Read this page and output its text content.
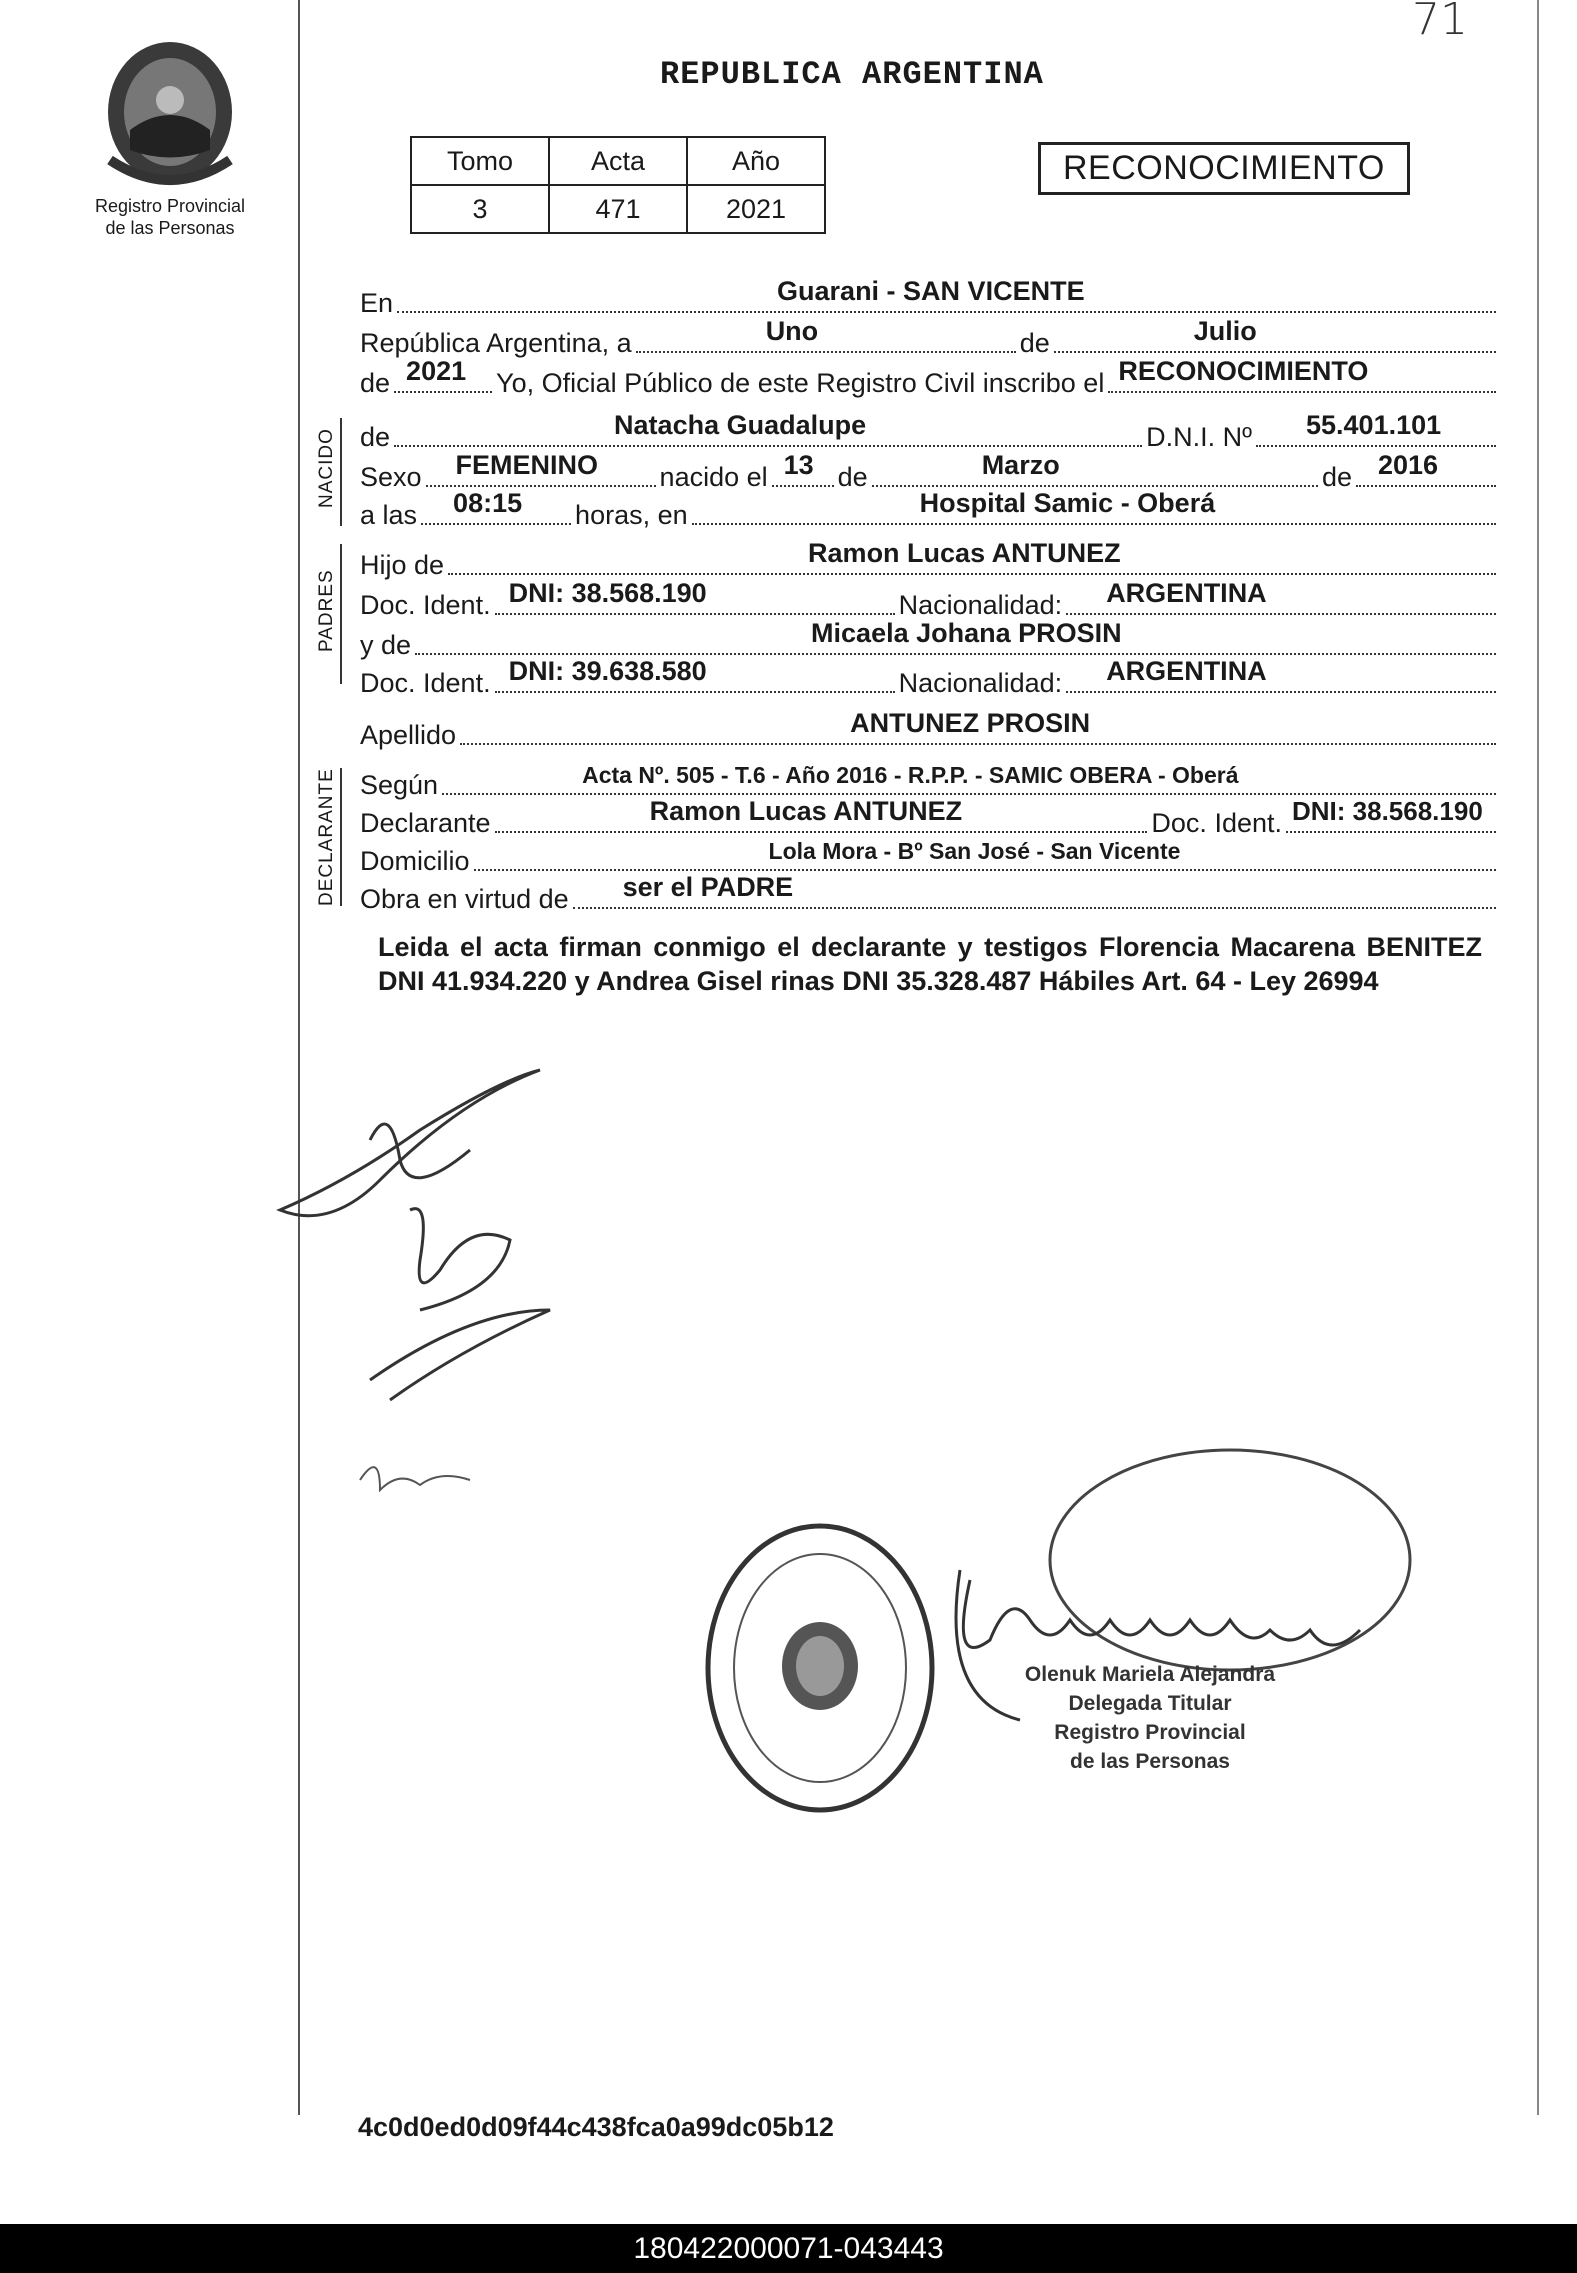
71
Registro Provincial
de las Personas
REPUBLICA ARGENTINA
Tomo	Acta	Año
3	471	2021
RECONOCIMIENTO
En	Guarani - SAN VICENTE
República Argentina, a	Uno	de	Julio
de 2021 Yo, Oficial Público de este Registro Civil inscribo el RECONOCIMIENTO
NACIDO de	Natacha Guadalupe	D.N.I. Nº 55.401.101
Sexo FEMENINO nacido el 13 de	Marzo	de 2016
a las 08:15 horas, en	Hospital Samic - Oberá
PADRES
Hijo de	Ramon Lucas ANTUNEZ
Doc. Ident. DNI: 38.568.190	Nacionalidad: ARGENTINA
y de	Micaela Johana PROSIN
Doc. Ident. DNI: 39.638.580	Nacionalidad: ARGENTINA
Apellido	ANTUNEZ PROSIN
DECLARANTE Según	Acta Nº. 505 - T.6 - Año 2016 - R.P.P. - SAMIC OBERA - Oberá
Declarante	Ramon Lucas ANTUNEZ	Doc. Ident. DNI: 38.568.190
Domicilio	Lola Mora - Bº San José - San Vicente
Obra en virtud de ser el PADRE
Leida el acta firman conmigo el declarante y testigos Florencia Macarena BENITEZ DNI 41.934.220 y Andrea Gisel rinas DNI 35.328.487 Hábiles Art. 64 - Ley 26994
Olenuk Mariela Alejandra
Delegada Titular
Registro Provincial
de las Personas
4c0d0ed0d09f44c438fca0a99dc05b12
180422000071-043443
